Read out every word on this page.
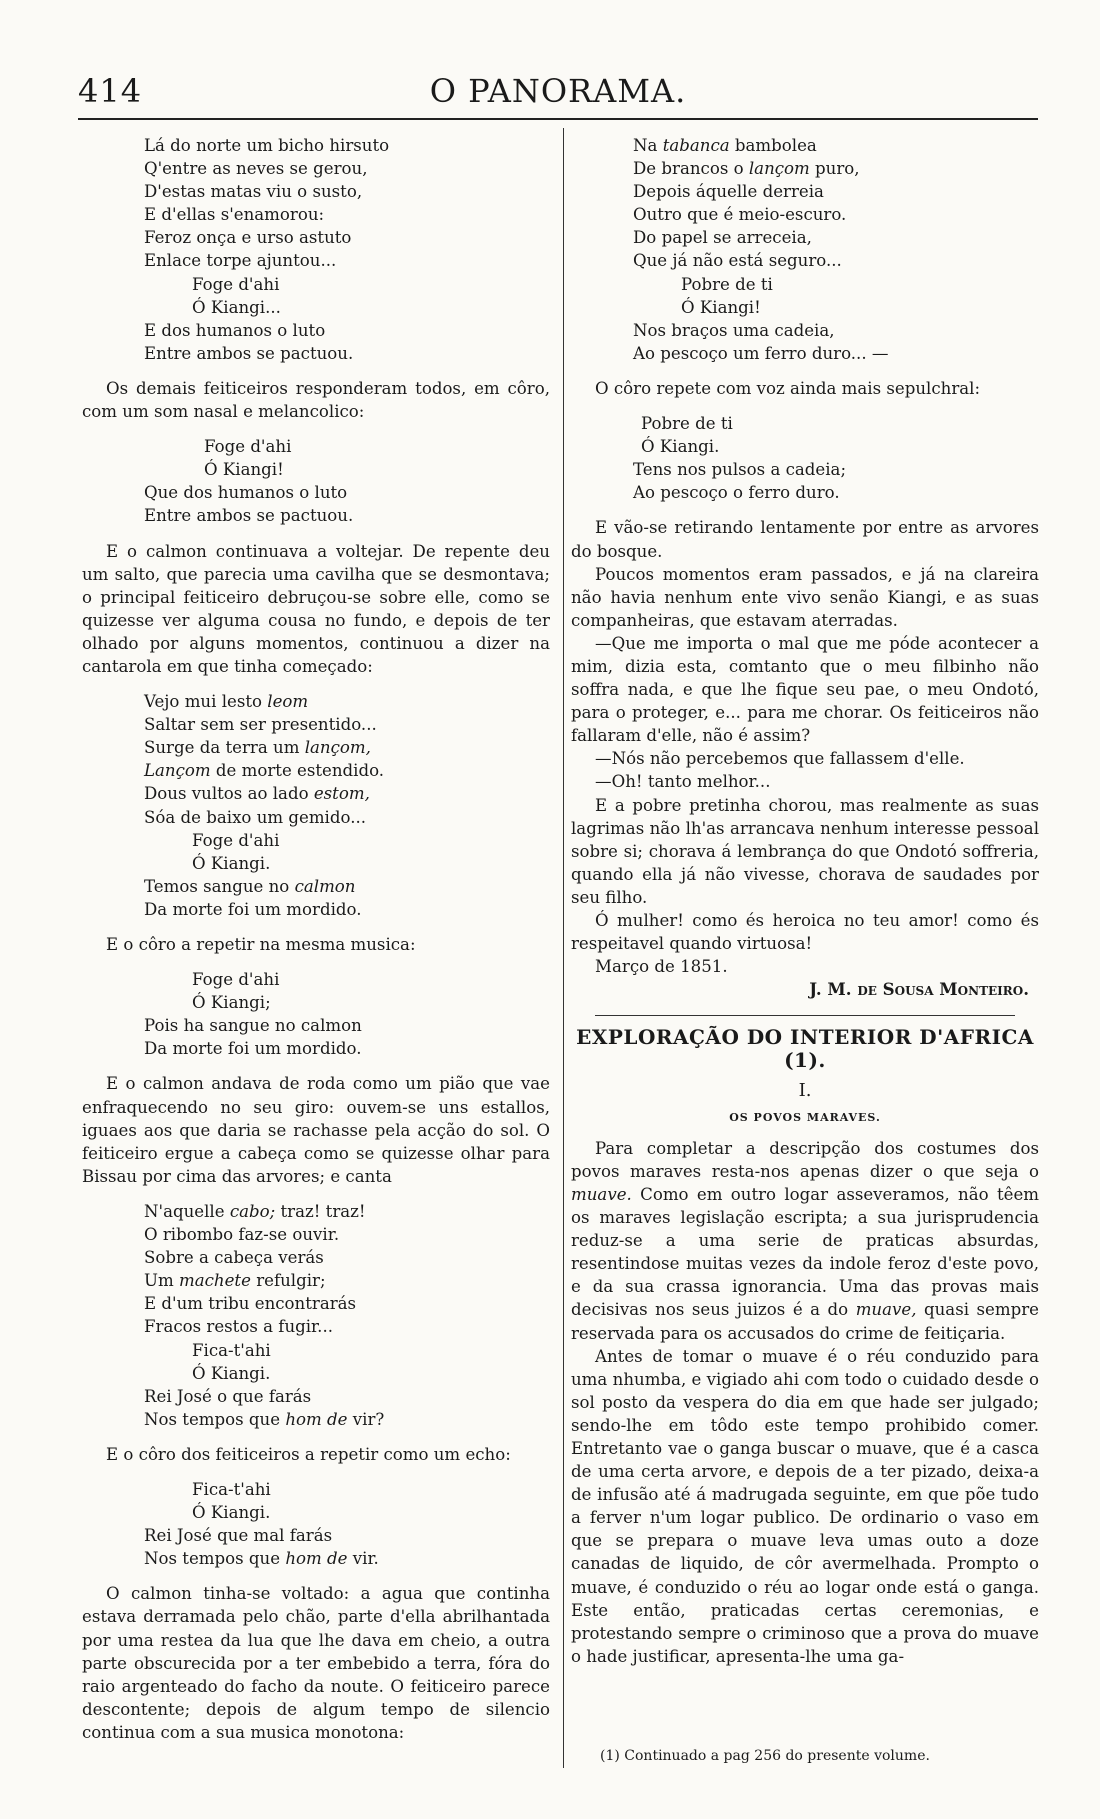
414	O PANORAMA.
Lá do norte um bicho hirsuto
Q'entre as neves se gerou,
D'estas matas viu o susto,
E d'ellas s'enamorou:
Feroz onça e urso astuto
Enlace torpe ajuntou...
Foge d'ahi
Ó Kiangi...
E dos humanos o luto
Entre ambos se pactuou.

Os demais feiticeiros responderam todos, em côro, com um som nasal e melancolico:

Foge d'ahi
Ó Kiangi!
Que dos humanos o luto
Entre ambos se pactuou.

E o calmon continuava a voltejar. De repente deu um salto, que parecia uma cavilha que se desmontava; o principal feiticeiro debruçou-se sobre elle, como se quizesse ver alguma cousa no fundo, e depois de ter olhado por alguns momentos, continuou a dizer na cantarola em que tinha começado:

Vejo mui lesto leom
Saltar sem ser presentido...
Surge da terra um lançom,
Lançom de morte estendido.
Dous vultos ao lado estom,
Sóa de baixo um gemido...
Foge d'ahi
Ó Kiangi.
Temos sangue no calmon
Da morte foi um mordido.

E o côro a repetir na mesma musica:

Foge d'ahi
Ó Kiangi;
Pois ha sangue no calmon
Da morte foi um mordido.

E o calmon andava de roda como um pião que vae enfraquecendo no seu giro: ouvem-se uns estallos, iguaes aos que daria se rachasse pela acção do sol. O feiticeiro ergue a cabeça como se quizesse olhar para Bissau por cima das arvores; e canta

N'aquelle cabo; traz! traz!
O ribombo faz-se ouvir.
Sobre a cabeça verás
Um machete refulgir;
E d'um tribu encontrarás
Fracos restos a fugir...
Fica-t'ahi
Ó Kiangi.
Rei José o que farás
Nos tempos que hom de vir?

E o côro dos feiticeiros a repetir como um echo:

Fica-t'ahi
Ó Kiangi.
Rei José que mal farás
Nos tempos que hom de vir.

O calmon tinha-se voltado: a agua que continha estava derramada pelo chão, parte d'ella abrilhantada por uma restea da lua que lhe dava em cheio, a outra parte obscurecida por a ter embebido a terra, fóra do raio argenteado do facho da noute. O feiticeiro parece descontente; depois de algum tempo de silencio continua com a sua musica monotona:

Na tabanca bambolea
De brancos o lançom puro,
Depois áquelle derreia
Outro que é meio-escuro.
Do papel se arreceia,
Que já não está seguro...
Pobre de ti
Ó Kiangi!
Nos braços uma cadeia,
Ao pescoço um ferro duro... —

O côro repete com voz ainda mais sepulchral:

Pobre de ti
Ó Kiangi.
Tens nos pulsos a cadeia;
Ao pescoço o ferro duro.

E vão-se retirando lentamente por entre as arvores do bosque.

Poucos momentos eram passados, e já na clareira não havia nenhum ente vivo senão Kiangi, e as suas companheiras, que estavam aterradas.

—Que me importa o mal que me póde acontecer a mim, dizia esta, comtanto que o meu filbinho não soffra nada, e que lhe fique seu pae, o meu Ondotó, para o proteger, e... para me chorar. Os feiticeiros não fallaram d'elle, não é assim?

—Nós não percebemos que fallassem d'elle.

—Oh! tanto melhor...

E a pobre pretinha chorou, mas realmente as suas lagrimas não lh'as arrancava nenhum interesse pessoal sobre si; chorava á lembrança do que Ondotó soffreria, quando ella já não vivesse, chorava de saudades por seu filho.

Ó mulher! como és heroica no teu amor! como és respeitavel quando virtuosa!

Março de 1851.

J. M. de Sousa Monteiro.

EXPLORAÇÃO DO INTERIOR D'AFRICA (1).
I.
OS POVOS MARAVES.

Para completar a descripção dos costumes dos povos maraves resta-nos apenas dizer o que seja o muave. Como em outro logar asseveramos, não têem os maraves legislação escripta; a sua jurisprudencia reduz-se a uma serie de praticas absurdas, resentindose muitas vezes da indole feroz d'este povo, e da sua crassa ignorancia. Uma das provas mais decisivas nos seus juizos é a do muave, quasi sempre reservada para os accusados do crime de feitiçaria.

Antes de tomar o muave é o réu conduzido para uma nhumba, e vigiado ahi com todo o cuidado desde o sol posto da vespera do dia em que hade ser julgado; sendo-lhe em tôdo este tempo prohibido comer. Entretanto vae o ganga buscar o muave, que é a casca de uma certa arvore, e depois de a ter pizado, deixa-a de infusão até á madrugada seguinte, em que põe tudo a ferver n'um logar publico. De ordinario o vaso em que se prepara o muave leva umas outo a doze canadas de liquido, de côr avermelhada. Prompto o muave, é conduzido o réu ao logar onde está o ganga. Este então, praticadas certas ceremonias, e protestando sempre o criminoso que a prova do muave o hade justificar, apresenta-lhe uma ga-

(1) Continuado a pag 256 do presente volume.
